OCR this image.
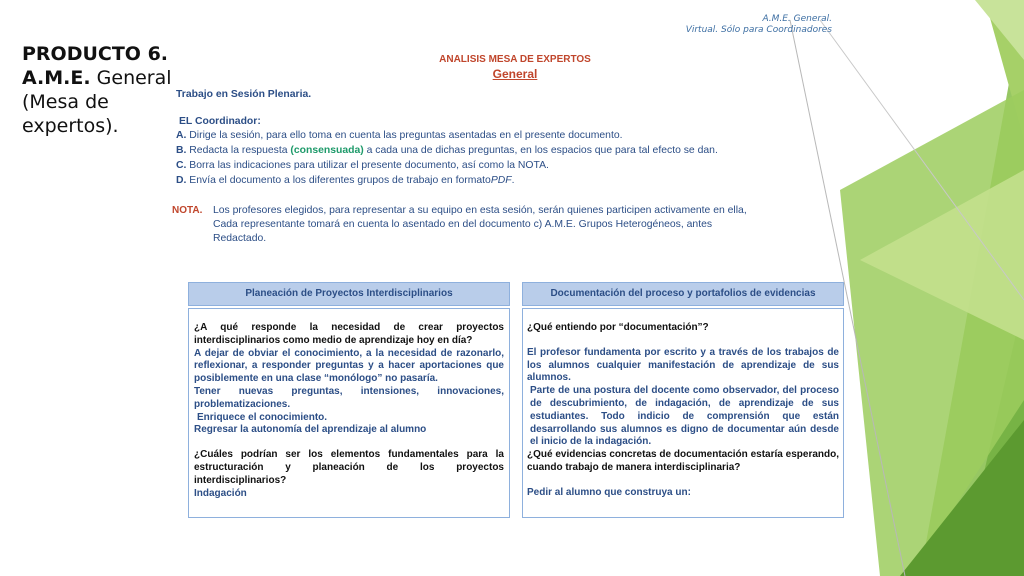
A.M.E. General.
Virtual. Sólo para Coordinadores
PRODUCTO 6. A.M.E. General (Mesa de expertos).
ANALISIS MESA DE EXPERTOS
General
Trabajo en Sesión Plenaria.
EL Coordinador:
A. Dirige la sesión, para ello toma en cuenta las preguntas asentadas en el presente documento.
B. Redacta la respuesta (consensuada) a cada una de dichas preguntas, en los espacios que para tal efecto se dan.
C. Borra las indicaciones para utilizar el presente documento, así como la NOTA.
D. Envía el documento a los diferentes grupos de trabajo en formatoPDF.
NOTA. Los profesores elegidos, para representar a su equipo en esta sesión, serán quienes participen activamente en ella,
Cada representante tomará en cuenta lo asentado en del documento c) A.M.E. Grupos Heterogéneos, antes
Redactado.
Planeación de Proyectos Interdisciplinarios

¿A qué responde la necesidad de crear proyectos interdisciplinarios como medio de aprendizaje hoy en día?

A dejar de obviar el conocimiento, a la necesidad de razonarlo, reflexionar, a responder preguntas y a hacer aportaciones que posiblemente en una clase “monólogo” no pasaría.

Tener nuevas preguntas, intensiones, innovaciones, problematizaciones.

Enriquece el conocimiento.

Regresar la autonomía del aprendizaje al alumno

¿Cuáles podrían ser los elementos fundamentales para la estructuración y planeación de los proyectos interdisciplinarios?

Indagación

Documentación del proceso y portafolios de evidencias

¿Qué entiendo por “documentación”?

El profesor fundamenta por escrito y a través de los trabajos de los alumnos cualquier manifestación de aprendizaje de sus alumnos.

Parte de una postura del docente como observador, del proceso de descubrimiento, de indagación, de aprendizaje de sus estudiantes. Todo indicio de comprensión que están desarrollando sus alumnos es digno de documentar aún desde el inicio de la indagación.

¿Qué evidencias concretas de documentación estaría esperando, cuando trabajo de manera interdisciplinaria?

Pedir al alumno que construya un:
